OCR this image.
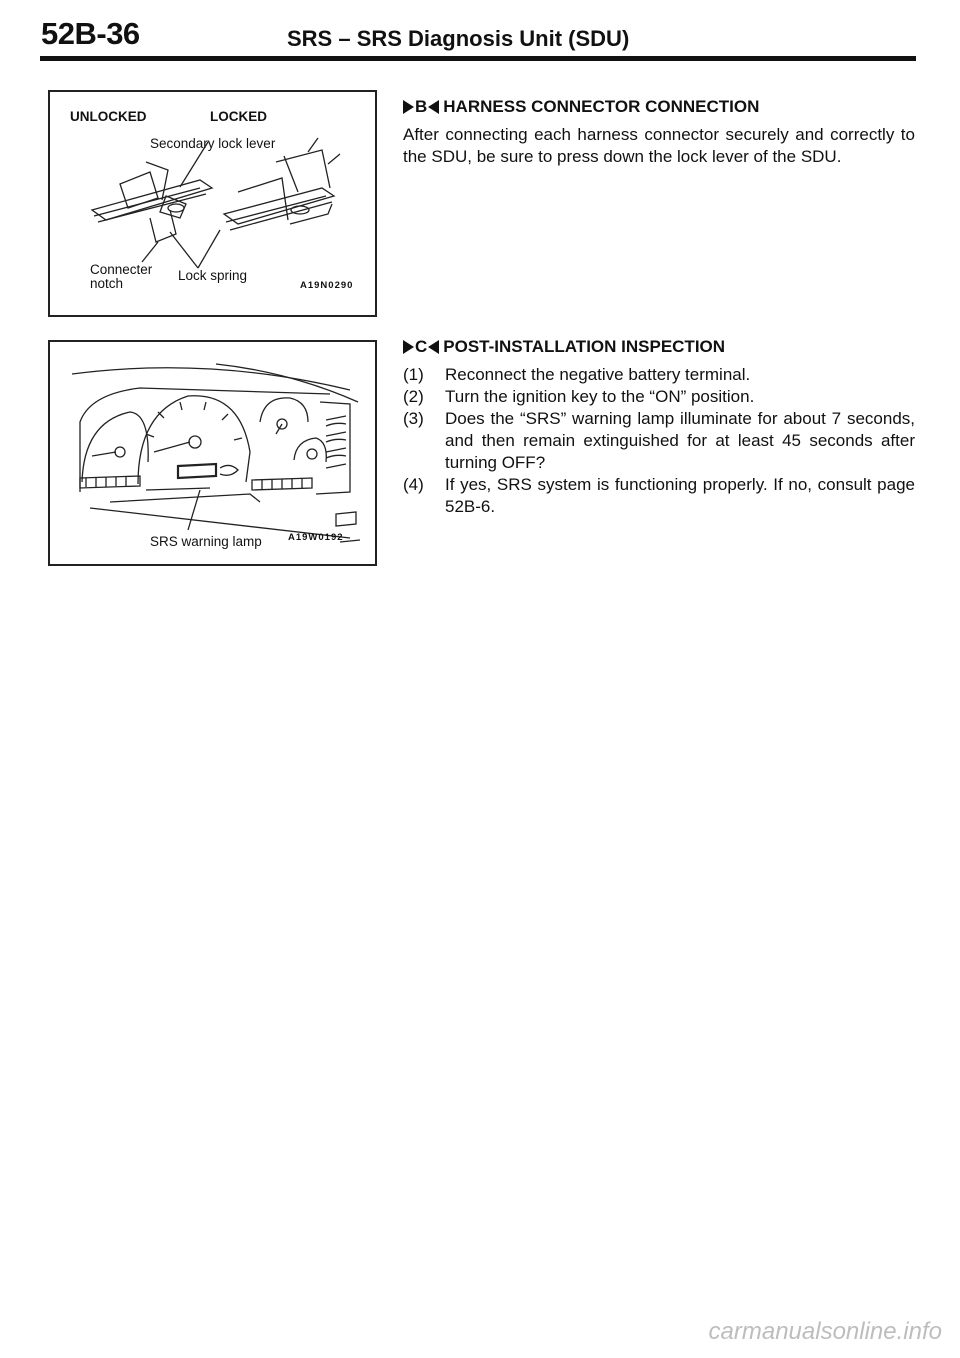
52B-36	SRS – SRS Diagnosis Unit (SDU)
UNLOCKED	LOCKED
Secondary lock lever
Connecter
notch
Lock spring
A19N0290
SRS warning lamp	A19W0192
B HARNESS CONNECTOR CONNECTION
After connecting each harness connector securely and correctly to the SDU, be sure to press down the lock lever of the SDU.
C POST-INSTALLATION INSPECTION
(1)	Reconnect the negative battery terminal.
(2)	Turn the ignition key to the “ON” position.
(3)	Does the “SRS” warning lamp illuminate for about 7 seconds, and then remain extinguished for at least 45 seconds after turning OFF?
(4)	If yes, SRS system is functioning properly. If no, consult page 52B-6.
carmanualsonline.info
